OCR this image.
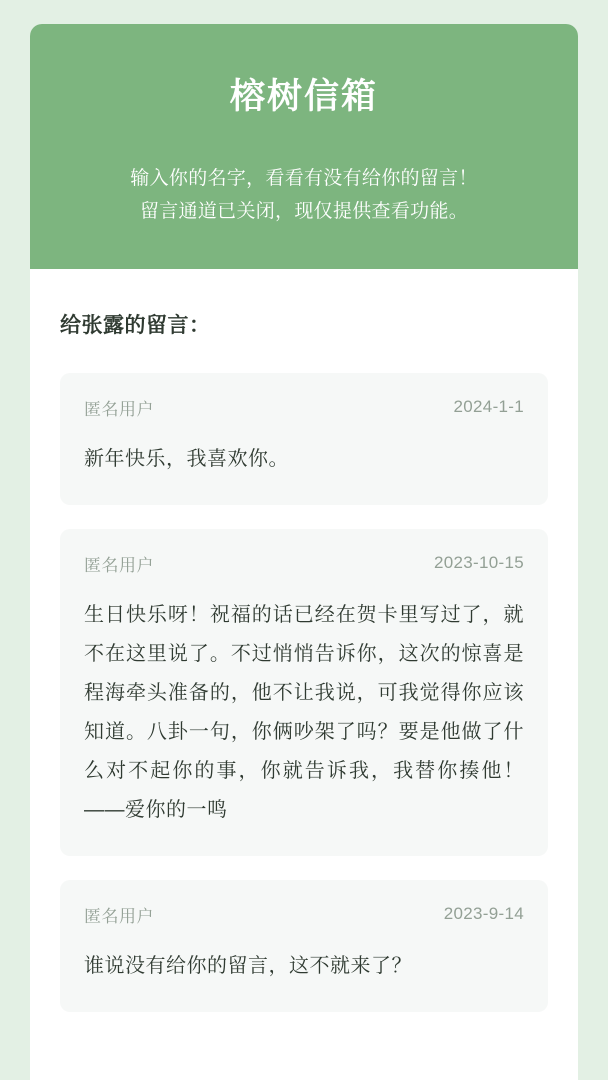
榕树信箱
输入你的名字，看看有没有给你的留言！
留言通道已关闭，现仅提供查看功能。
给张露的留言：
匿名用户	2024-1-1
新年快乐，我喜欢你。
匿名用户	2023-10-15
生日快乐呀！祝福的话已经在贺卡里写过了，就不在这里说了。不过悄悄告诉你，这次的惊喜是程海牵头准备的，他不让我说，可我觉得你应该知道。八卦一句，你俩吵架了吗？要是他做了什么对不起你的事，你就告诉我，我替你揍他！ ——爱你的一鸣
匿名用户	2023-9-14
谁说没有给你的留言，这不就来了？
